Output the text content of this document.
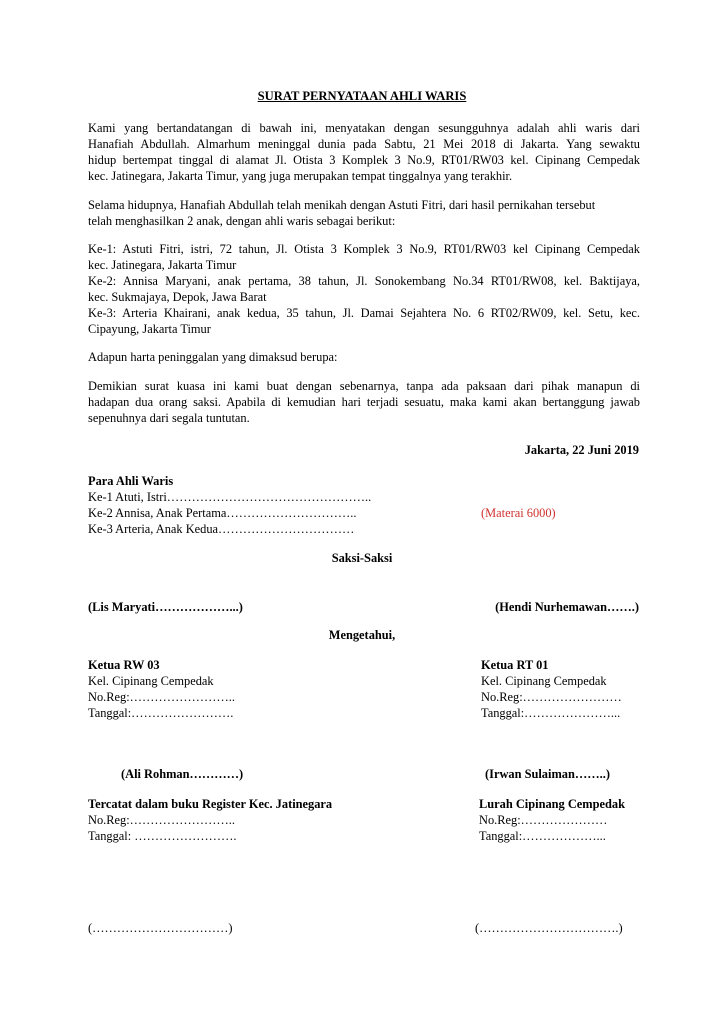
SURAT PERNYATAAN AHLI WARIS
Kami yang bertandatangan di bawah ini, menyatakan dengan sesungguhnya adalah ahli waris dari
Hanafiah Abdullah. Almarhum meninggal dunia pada Sabtu, 21 Mei 2018 di Jakarta. Yang sewaktu
hidup bertempat tinggal di alamat Jl. Otista 3 Komplek 3 No.9, RT01/RW03 kel. Cipinang Cempedak
kec. Jatinegara, Jakarta Timur, yang juga merupakan tempat tinggalnya yang terakhir.
Selama hidupnya, Hanafiah Abdullah telah menikah dengan Astuti Fitri, dari hasil pernikahan tersebut
telah menghasilkan 2 anak, dengan ahli waris sebagai berikut:
Ke-1: Astuti Fitri, istri, 72 tahun, Jl. Otista 3 Komplek 3 No.9, RT01/RW03 kel Cipinang Cempedak
kec. Jatinegara, Jakarta Timur
Ke-2: Annisa Maryani, anak pertama, 38 tahun, Jl. Sonokembang No.34 RT01/RW08, kel. Baktijaya,
kec. Sukmajaya, Depok, Jawa Barat
Ke-3: Arteria Khairani, anak kedua, 35 tahun, Jl. Damai Sejahtera No. 6 RT02/RW09, kel. Setu, kec.
Cipayung, Jakarta Timur
Adapun harta peninggalan yang dimaksud berupa:
Demikian surat kuasa ini kami buat dengan sebenarnya, tanpa ada paksaan dari pihak manapun di
hadapan dua orang saksi. Apabila di kemudian hari terjadi sesuatu, maka kami akan bertanggung jawab
sepenuhnya dari segala tuntutan.
Jakarta, 22 Juni 2019
Para Ahli Waris
Ke-1 Atuti, Istri…………………………………………..
Ke-2 Annisa, Anak Pertama…………………………..
Ke-3 Arteria, Anak Kedua……………………………
(Materai 6000)
Saksi-Saksi
(Lis Maryati………………...)	(Hendi Nurhemawan…….)
Mengetahui,
Ketua RW 03
Kel. Cipinang Cempedak
No.Reg:……………………..
Tanggal:…………………….
Ketua RT 01
Kel. Cipinang Cempedak
No.Reg:……………………
Tanggal:…………………...
(Ali Rohman…………)	(Irwan Sulaiman……..)
Tercatat dalam buku Register Kec. Jatinegara
No.Reg:……………………..
Tanggal: …………………….
Lurah Cipinang Cempedak
No.Reg:…………………
Tanggal:………………...
(……………………………)	(…………………………….)
